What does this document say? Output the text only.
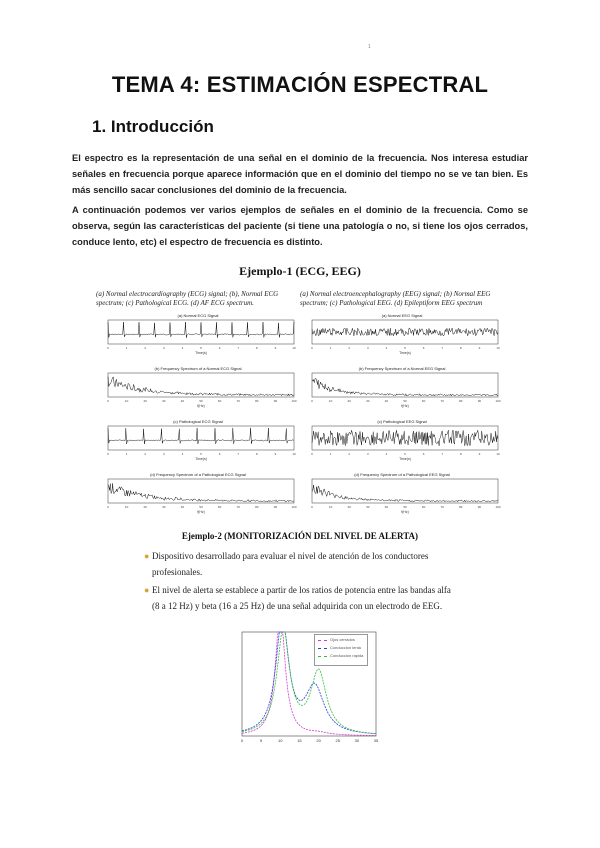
1
TEMA 4: ESTIMACIÓN ESPECTRAL
1. Introducción
El espectro es la representación de una señal en el dominio de la frecuencia. Nos interesa estudiar señales en frecuencia porque aparece información que en el dominio del tiempo no se ve tan bien. Es más sencillo sacar conclusiones del dominio de la frecuencia.
A continuación podemos ver varios ejemplos de señales en el dominio de la frecuencia. Como se observa, según las características del paciente (si tiene una patología o no, si tiene los ojos cerrados, conduce lento, etc) el espectro de frecuencia es distinto.
Ejemplo-1 (ECG, EEG)
(a) Normal electrocardiography (ECG) signal; (b), Normal ECG spectrum; (c) Pathological ECG. (d) AF ECG spectrum.
(a) Normal ECG Signal
0	1	2	3	4	5	6	7	8	9	10
Time(s)
(b) Frequency Spectrum of a Normal ECG Signal
0	10	20	30	40	50	60	70	80	90	100
f(Hz)
(c) Pathological ECG Signal
0	1	2	3	4	5	6	7	8	9	10
Time(s)
(d) Frequency Spectrum of a Pathological ECG Signal
0	10	20	30	40	50	60	70	80	90	100
f(Hz)
(a) Normal electroencephalography (EEG) signal; (b) Normal EEG spectrum; (c) Pathological EEG. (d) Epileptiform EEG spectrum
(a) Normal EEG Signal
0	1	2	3	4	5	6	7	8	9	10
Time(s)
(b) Frequency Spectrum of a Normal EEG Signal
0	10	20	30	40	50	60	70	80	90	100
f(Hz)
(c) Pathological EEG Signal
0	1	2	3	4	5	6	7	8	9	10
Time(s)
(d) Frequency Spectrum of a Pathological EEG Signal
0	10	20	30	40	50	60	70	80	90	100
f(Hz)
Ejemplo-2 (MONITORIZACIÓN DEL NIVEL DE ALERTA)
● Dispositivo desarrollado para evaluar el nivel de atención de los conductores profesionales.
● El nivel de alerta se establece a partir de los ratios de potencia entre las bandas alfa (8 a 12 Hz) y beta (16 a 25 Hz) de una señal adquirida con un electrodo de EEG.
0	5	10	15	20	25	30	35
Ojos cerrados
Conduccion lenta
Conduccion rapida
